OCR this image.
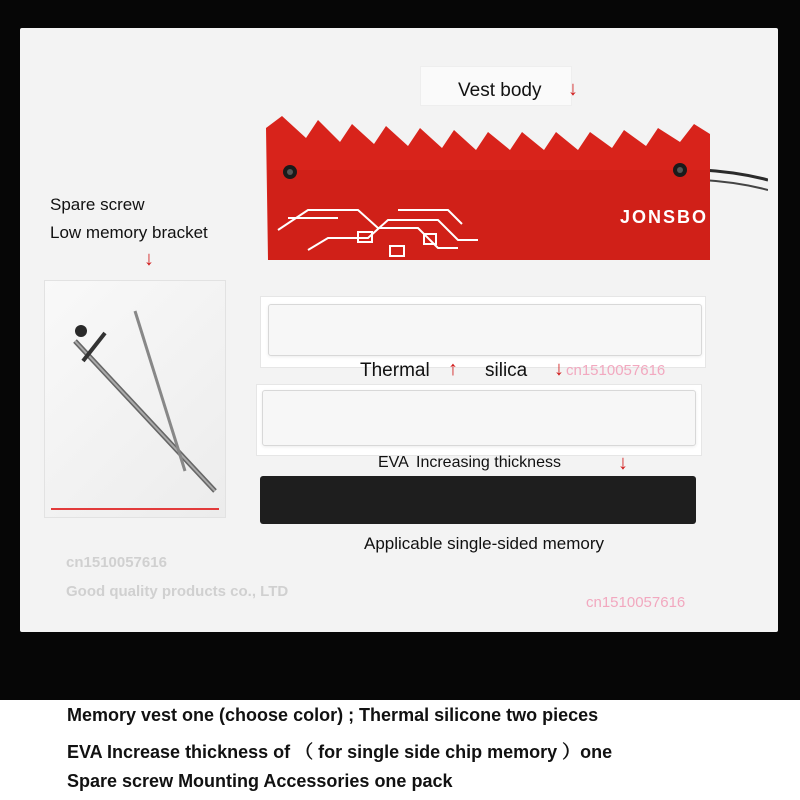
Vest body ↓
JONSBO
Spare screw
Low memory bracket
↓
Thermal ↑ silica ↓ cn1510057616
EVA Increasing thickness	↓
Applicable single-sided memory
cn1510057616
Good quality products co., LTD
cn1510057616
Memory vest one (choose color) ; Thermal silicone two pieces
EVA Increase thickness of （ for single side chip memory ）one
Spare screw Mounting Accessories one pack
